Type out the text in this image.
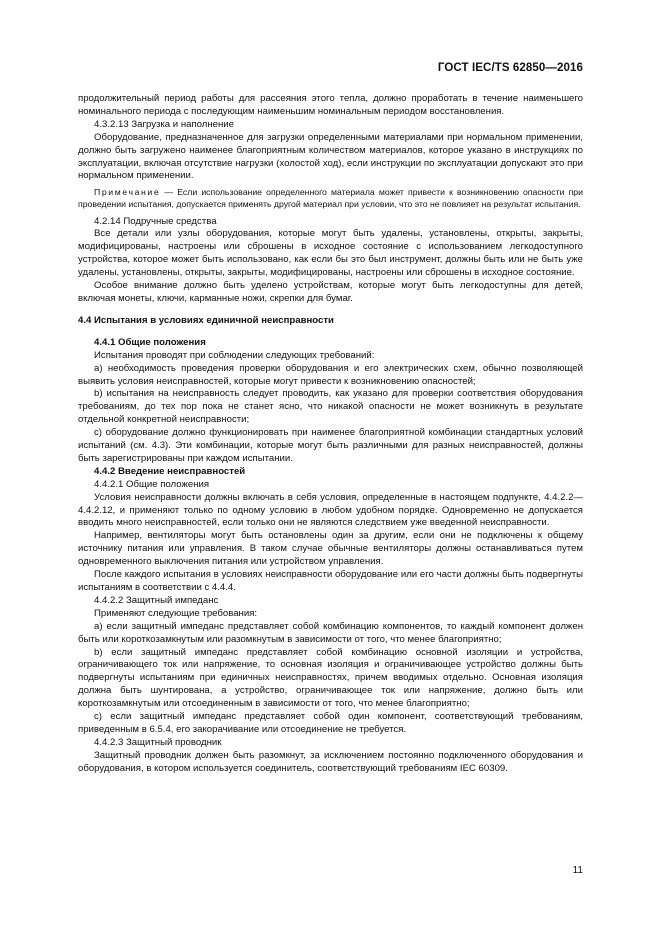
ГОСТ IEC/TS 62850—2016

продолжительный период работы для рассеяния этого тепла, должно проработать в течение наименьшего номинального периода с последующим наименьшим номинальным периодом восстановления.

4.3.2.13 Загрузка и наполнение

Оборудование, предназначенное для загрузки определенными материалами при нормальном применении, должно быть загружено наименее благоприятным количеством материалов, которое указано в инструкциях по эксплуатации, включая отсутствие нагрузки (холостой ход), если инструкции по эксплуатации допускают это при нормальном применении.

Примечание — Если использование определенного материала может привести к возникновению опасности при проведении испытания, допускается применять другой материал при условии, что это не повлияет на результат испытания.

4.2.14 Подручные средства

Все детали или узлы оборудования, которые могут быть удалены, установлены, открыты, закрыты, модифицированы, настроены или сброшены в исходное состояние с использованием легкодоступного устройства, которое может быть использовано, как если бы это был инструмент, должны быть или не быть уже удалены, установлены, открыты, закрыты, модифицированы, настроены или сброшены в исходное состояние.

Особое внимание должно быть уделено устройствам, которые могут быть легкодоступны для детей, включая монеты, ключи, карманные ножи, скрепки для бумаг.

4.4 Испытания в условиях единичной неисправности

4.4.1 Общие положения

Испытания проводят при соблюдении следующих требований:

a) необходимость проведения проверки оборудования и его электрических схем, обычно позволяющей выявить условия неисправностей, которые могут привести к возникновению опасностей;

b) испытания на неисправность следует проводить, как указано для проверки соответствия оборудования требованиям, до тех пор пока не станет ясно, что никакой опасности не может возникнуть в результате отдельной конкретной неисправности;

c) оборудование должно функционировать при наименее благоприятной комбинации стандартных условий испытаний (см. 4.3). Эти комбинации, которые могут быть различными для разных неисправностей, должны быть зарегистрированы при каждом испытании.

4.4.2 Введение неисправностей

4.4.2.1 Общие положения

Условия неисправности должны включать в себя условия, определенные в настоящем подпункте, 4.4.2.2—4.4.2.12, и применяют только по одному условию в любом удобном порядке. Одновременно не допускается вводить много неисправностей, если только они не являются следствием уже введенной неисправности.

Например, вентиляторы могут быть остановлены один за другим, если они не подключены к общему источнику питания или управления. В таком случае обычные вентиляторы должны останавливаться путем одновременного выключения питания или устройством управления.

После каждого испытания в условиях неисправности оборудование или его части должны быть подвергнуты испытаниям в соответствии с 4.4.4.

4.4.2.2 Защитный импеданс

Применяют следующие требования:

a) если защитный импеданс представляет собой комбинацию компонентов, то каждый компонент должен быть или короткозамкнутым или разомкнутым в зависимости от того, что менее благоприятно;

b) если защитный импеданс представляет собой комбинацию основной изоляции и устройства, ограничивающего ток или напряжение, то основная изоляция и ограничивающее устройство должны быть подвергнуты испытаниям при единичных неисправностях, причем вводимых отдельно. Основная изоляция должна быть шунтирована, а устройство, ограничивающее ток или напряжение, должно быть или короткозамкнутым или отсоединенным в зависимости от того, что менее благоприятно;

c) если защитный импеданс представляет собой один компонент, соответствующий требованиям, приведенным в 6.5.4, его закорачивание или отсоединение не требуется.

4.4.2.3 Защитный проводник

Защитный проводник должен быть разомкнут, за исключением постоянно подключенного оборудования и оборудования, в котором используется соединитель, соответствующий требованиям IEC 60309.

11
